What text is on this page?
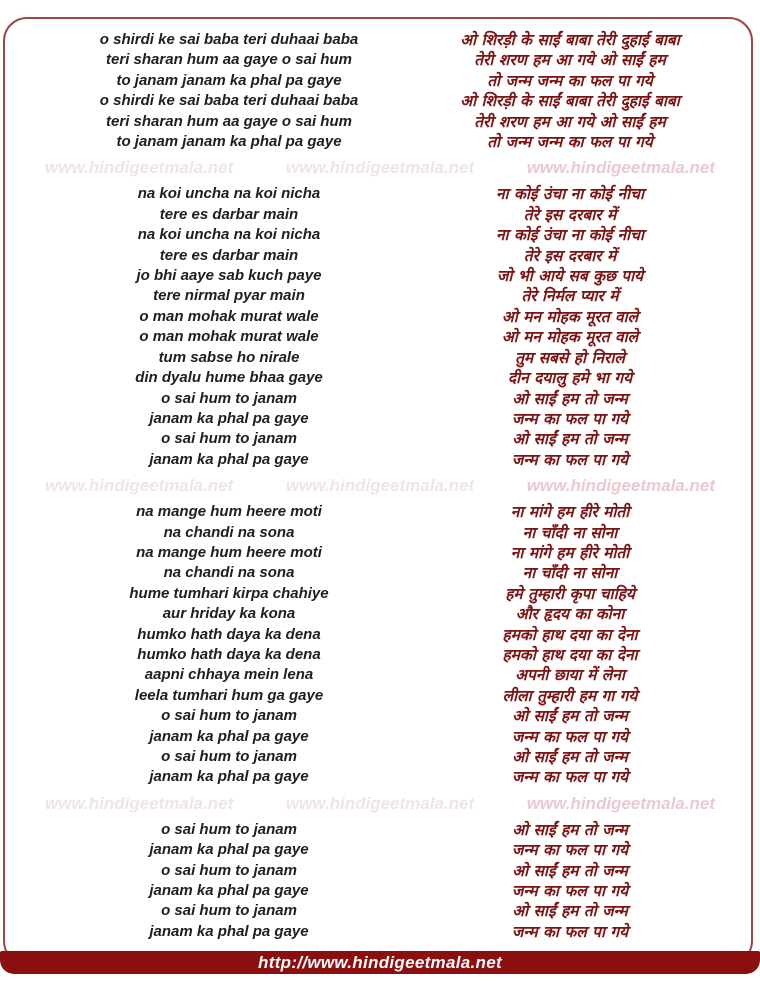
o shirdi ke sai baba teri duhaai baba
teri sharan hum aa gaye o sai hum
to janam janam ka phal pa gaye
o shirdi ke sai baba teri duhaai baba
teri sharan hum aa gaye o sai hum
to janam janam ka phal pa gaye
ओ शिरड़ी के साईं बाबा तेरी दुहाई बाबा
तेरी शरण हम आ गये ओ साईं हम
तो जन्म जन्म का फल पा गये
ओ शिरड़ी के साईं बाबा तेरी दुहाई बाबा
तेरी शरण हम आ गये ओ साईं हम
तो जन्म जन्म का फल पा गये
www.hindigeetmala.net	www.hindigeetmala.net	www.hindigeetmala.net
na koi uncha na koi nicha
tere es darbar main
na koi uncha na koi nicha
tere es darbar main
jo bhi aaye sab kuch paye
tere nirmal pyar main
o man mohak murat wale
o man mohak murat wale
tum sabse ho nirale
din dyalu hume bhaa gaye
o sai hum to janam
janam ka phal pa gaye
o sai hum to janam
janam ka phal pa gaye
ना कोई उंचा ना कोई नीचा
तेरे इस दरबार में
ना कोई उंचा ना कोई नीचा
तेरे इस दरबार में
जो भी आये सब कुछ पाये
तेरे निर्मल प्यार में
ओ मन मोहक मूरत वाले
ओ मन मोहक मूरत वाले
तुम सबसे हो निराले
दीन दयालु हमे भा गये
ओ साईं हम तो जन्म
जन्म का फल पा गये
ओ साईं हम तो जन्म
जन्म का फल पा गये
www.hindigeetmala.net	www.hindigeetmala.net	www.hindigeetmala.net
na mange hum heere moti
na chandi na sona
na mange hum heere moti
na chandi na sona
hume tumhari kirpa chahiye
aur hriday ka kona
humko hath daya ka dena
humko hath daya ka dena
aapni chhaya mein lena
leela tumhari hum ga gaye
o sai hum to janam
janam ka phal pa gaye
o sai hum to janam
janam ka phal pa gaye
ना मांगे हम हीरे मोती
ना चाँदी ना सोना
ना मांगे हम हीरे मोती
ना चाँदी ना सोना
हमे तुम्हारी कृपा चाहिये
और हृदय का कोना
हमको हाथ दया का देना
हमको हाथ दया का देना
अपनी छाया में लेना
लीला तुम्हारी हम गा गये
ओ साईं हम तो जन्म
जन्म का फल पा गये
ओ साईं हम तो जन्म
जन्म का फल पा गये
www.hindigeetmala.net	www.hindigeetmala.net	www.hindigeetmala.net
o sai hum to janam
janam ka phal pa gaye
o sai hum to janam
janam ka phal pa gaye
o sai hum to janam
janam ka phal pa gaye
ओ साईं हम तो जन्म
जन्म का फल पा गये
ओ साईं हम तो जन्म
जन्म का फल पा गये
ओ साईं हम तो जन्म
जन्म का फल पा गये
http://www.hindigeetmala.net
